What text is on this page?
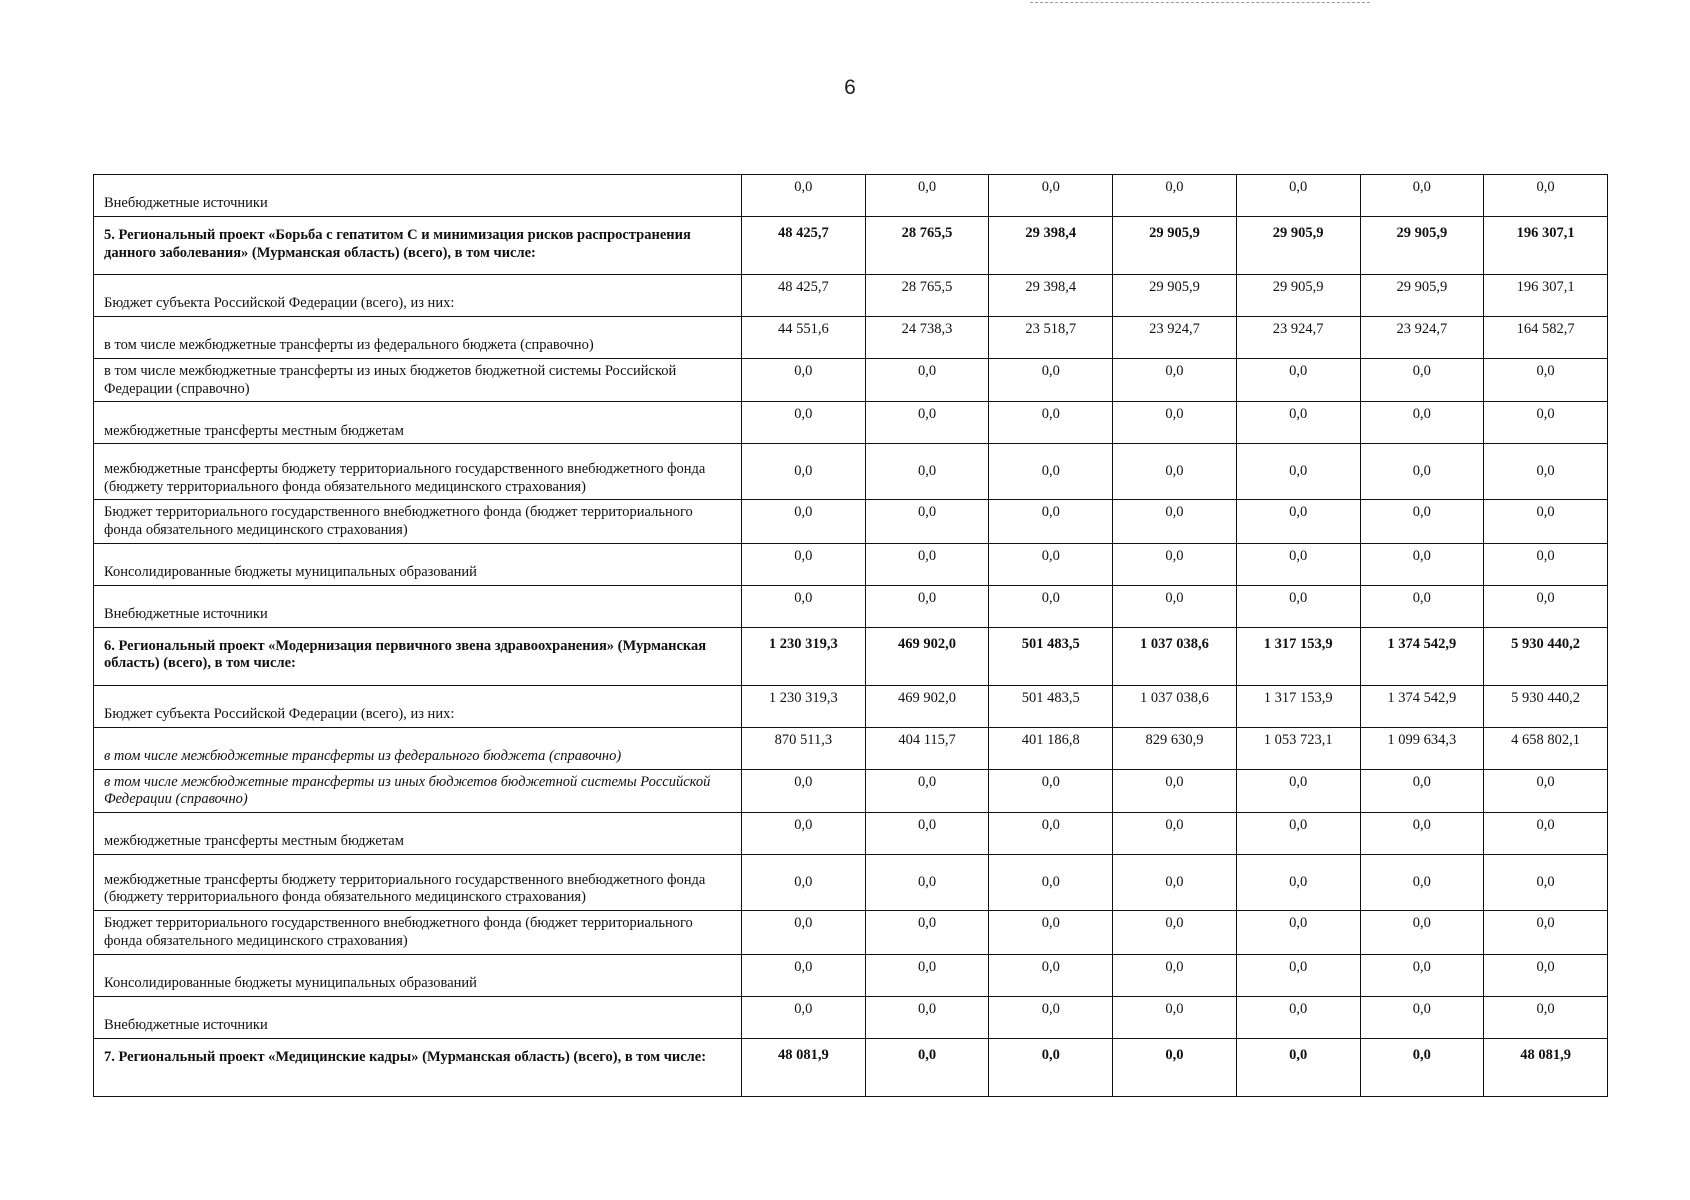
6
Внебюджетные источники	0,0	0,0	0,0	0,0	0,0	0,0	0,0
5. Региональный проект «Борьба с гепатитом С и минимизация рисков распространения данного заболевания» (Мурманская область) (всего), в том числе:	48 425,7	28 765,5	29 398,4	29 905,9	29 905,9	29 905,9	196 307,1
Бюджет субъекта Российской Федерации (всего), из них:	48 425,7	28 765,5	29 398,4	29 905,9	29 905,9	29 905,9	196 307,1
в том числе межбюджетные трансферты из федерального бюджета (справочно)	44 551,6	24 738,3	23 518,7	23 924,7	23 924,7	23 924,7	164 582,7
в том числе межбюджетные трансферты из иных бюджетов бюджетной системы Российской Федерации (справочно)	0,0	0,0	0,0	0,0	0,0	0,0	0,0
межбюджетные трансферты местным бюджетам	0,0	0,0	0,0	0,0	0,0	0,0	0,0
межбюджетные трансферты бюджету территориального государственного внебюджетного фонда (бюджету территориального фонда обязательного медицинского страхования)	0,0	0,0	0,0	0,0	0,0	0,0	0,0
Бюджет территориального государственного внебюджетного фонда (бюджет территориального фонда обязательного медицинского страхования)	0,0	0,0	0,0	0,0	0,0	0,0	0,0
Консолидированные бюджеты муниципальных образований	0,0	0,0	0,0	0,0	0,0	0,0	0,0
Внебюджетные источники	0,0	0,0	0,0	0,0	0,0	0,0	0,0
6. Региональный проект «Модернизация первичного звена здравоохранения» (Мурманская область) (всего), в том числе:	1 230 319,3	469 902,0	501 483,5	1 037 038,6	1 317 153,9	1 374 542,9	5 930 440,2
Бюджет субъекта Российской Федерации (всего), из них:	1 230 319,3	469 902,0	501 483,5	1 037 038,6	1 317 153,9	1 374 542,9	5 930 440,2
в том числе межбюджетные трансферты из федерального бюджета (справочно)	870 511,3	404 115,7	401 186,8	829 630,9	1 053 723,1	1 099 634,3	4 658 802,1
в том числе межбюджетные трансферты из иных бюджетов бюджетной системы Российской Федерации (справочно)	0,0	0,0	0,0	0,0	0,0	0,0	0,0
межбюджетные трансферты местным бюджетам	0,0	0,0	0,0	0,0	0,0	0,0	0,0
межбюджетные трансферты бюджету территориального государственного внебюджетного фонда (бюджету территориального фонда обязательного медицинского страхования)	0,0	0,0	0,0	0,0	0,0	0,0	0,0
Бюджет территориального государственного внебюджетного фонда (бюджет территориального фонда обязательного медицинского страхования)	0,0	0,0	0,0	0,0	0,0	0,0	0,0
Консолидированные бюджеты муниципальных образований	0,0	0,0	0,0	0,0	0,0	0,0	0,0
Внебюджетные источники	0,0	0,0	0,0	0,0	0,0	0,0	0,0
7. Региональный проект «Медицинские кадры» (Мурманская область) (всего), в том числе:	48 081,9	0,0	0,0	0,0	0,0	0,0	48 081,9
